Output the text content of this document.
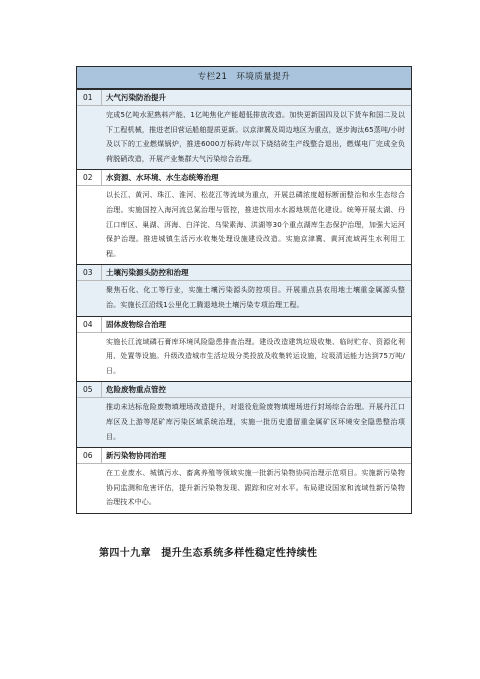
专栏21　环境质量提升
01	大气污染防治提升
完成5亿吨水泥熟料产能、1亿吨焦化产能超低排放改造。加快更新国四及以下货车和国二及以下工程机械，推进老旧营运船舶提质更新。以京津冀及周边地区为重点，逐步淘汰65蒸吨/小时及以下的工业燃煤锅炉，推进6000万标砖/年以下烧结砖生产线整合退出，燃煤电厂完成全负荷脱硝改造，开展产业集群大气污染综合治理。
02	水资源、水环境、水生态统筹治理
以长江、黄河、珠江、淮河、松花江等流域为重点，开展总磷浓度超标断面整治和水生态综合治理。实施国控入海河流总氮治理与管控，推进饮用水水源地规范化建设。统筹开展太湖、丹江口库区、巢湖、洱海、白洋淀、乌梁素海、洪湖等30个重点湖库生态保护治理，加强大运河保护治理。推进城镇生活污水收集处理设施建设改造。实施京津冀、黄河流域再生水利用工程。
03	土壤污染源头防控和治理
聚焦石化、化工等行业，实施土壤污染源头防控项目。开展重点县农用地土壤重金属源头整治。实施长江沿线1公里化工腾退地块土壤污染专项治理工程。
04	固体废物综合治理
实施长江流域磷石膏库环境风险隐患排查治理。建设改造建筑垃圾收集、临时贮存、资源化利用、处置等设施。升级改造城市生活垃圾分类投放及收集转运设施，垃圾清运能力达到75万吨/日。
05	危险废物重点管控
推动未达标危险废物填埋场改造提升，对退役危险废物填埋场进行封场综合治理。开展丹江口库区及上游等尾矿库污染区域系统治理，实施一批历史遗留重金属矿区环境安全隐患整治项目。
06	新污染物协同治理
在工业废水、城镇污水、畜禽养殖等领域实施一批新污染物协同治理示范项目。实施新污染物协同监测和危害评估，提升新污染物发现、跟踪和应对水平。布局建设国家和流域性新污染物治理技术中心。
第四十九章　提升生态系统多样性稳定性持续性
